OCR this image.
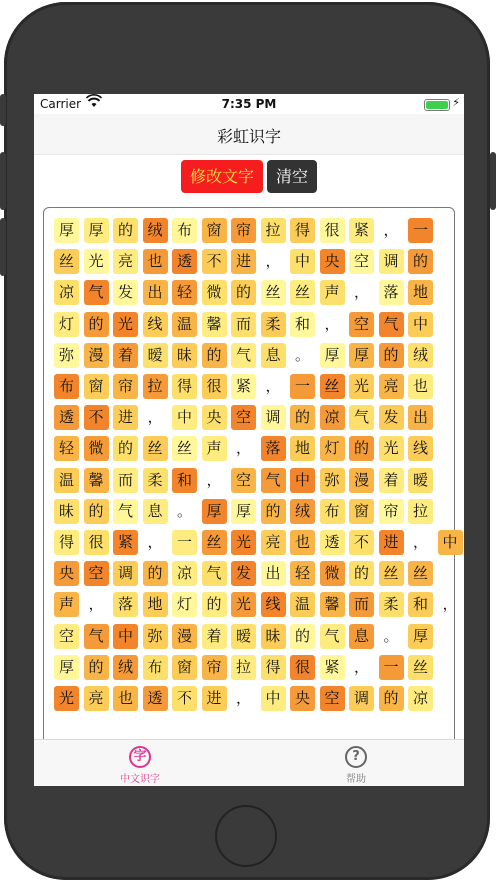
Carrier	7:35 PM	⚡
彩虹识字
修改文字	清空
厚 厚 的 绒 布 窗 帘 拉 得 很 紧 ， 一
丝 光 亮 也 透 不 进 ， 中 央 空 调 的
凉 气 发 出 轻 微 的 丝 丝 声 ， 落 地
灯 的 光 线 温 馨 而 柔 和 ， 空 气 中
弥 漫 着 暧 昧 的 气 息 。 厚 厚 的 绒
布 窗 帘 拉 得 很 紧 ， 一 丝 光 亮 也
透 不 进 ， 中 央 空 调 的 凉 气 发 出
轻 微 的 丝 丝 声 ， 落 地 灯 的 光 线
温 馨 而 柔 和 ， 空 气 中 弥 漫 着 暧
昧 的 气 息 。 厚 厚 的 绒 布 窗 帘 拉
得 很 紧 ， 一 丝 光 亮 也 透 不 进 ， 中
央 空 调 的 凉 气 发 出 轻 微 的 丝 丝
声 ， 落 地 灯 的 光 线 温 馨 而 柔 和 ，
空 气 中 弥 漫 着 暧 昧 的 气 息 。 厚
厚 的 绒 布 窗 帘 拉 得 很 紧 ， 一 丝
光 亮 也 透 不 进 ， 中 央 空 调 的 凉
字
中文识字
?
帮助
